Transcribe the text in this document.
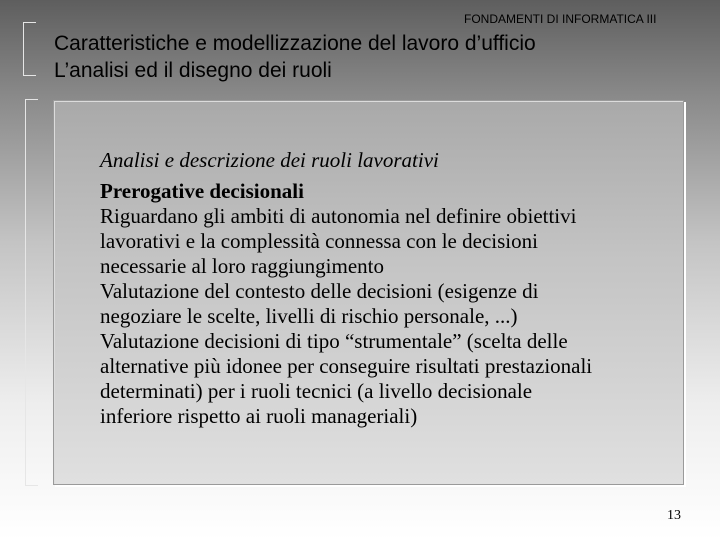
FONDAMENTI DI INFORMATICA III
Caratteristiche e modellizzazione del lavoro d’ufficio
L’analisi ed il disegno dei ruoli
Analisi e descrizione dei ruoli lavorativi
Prerogative decisionali
Riguardano gli ambiti di autonomia nel definire obiettivi
lavorativi e la complessità connessa con le decisioni
necessarie al loro raggiungimento
Valutazione del contesto delle decisioni (esigenze di
negoziare le scelte, livelli di rischio personale, ...)
Valutazione decisioni di tipo “strumentale” (scelta delle
alternative più idonee per conseguire risultati prestazionali
determinati) per i ruoli tecnici (a livello decisionale
inferiore rispetto ai ruoli manageriali)
13
